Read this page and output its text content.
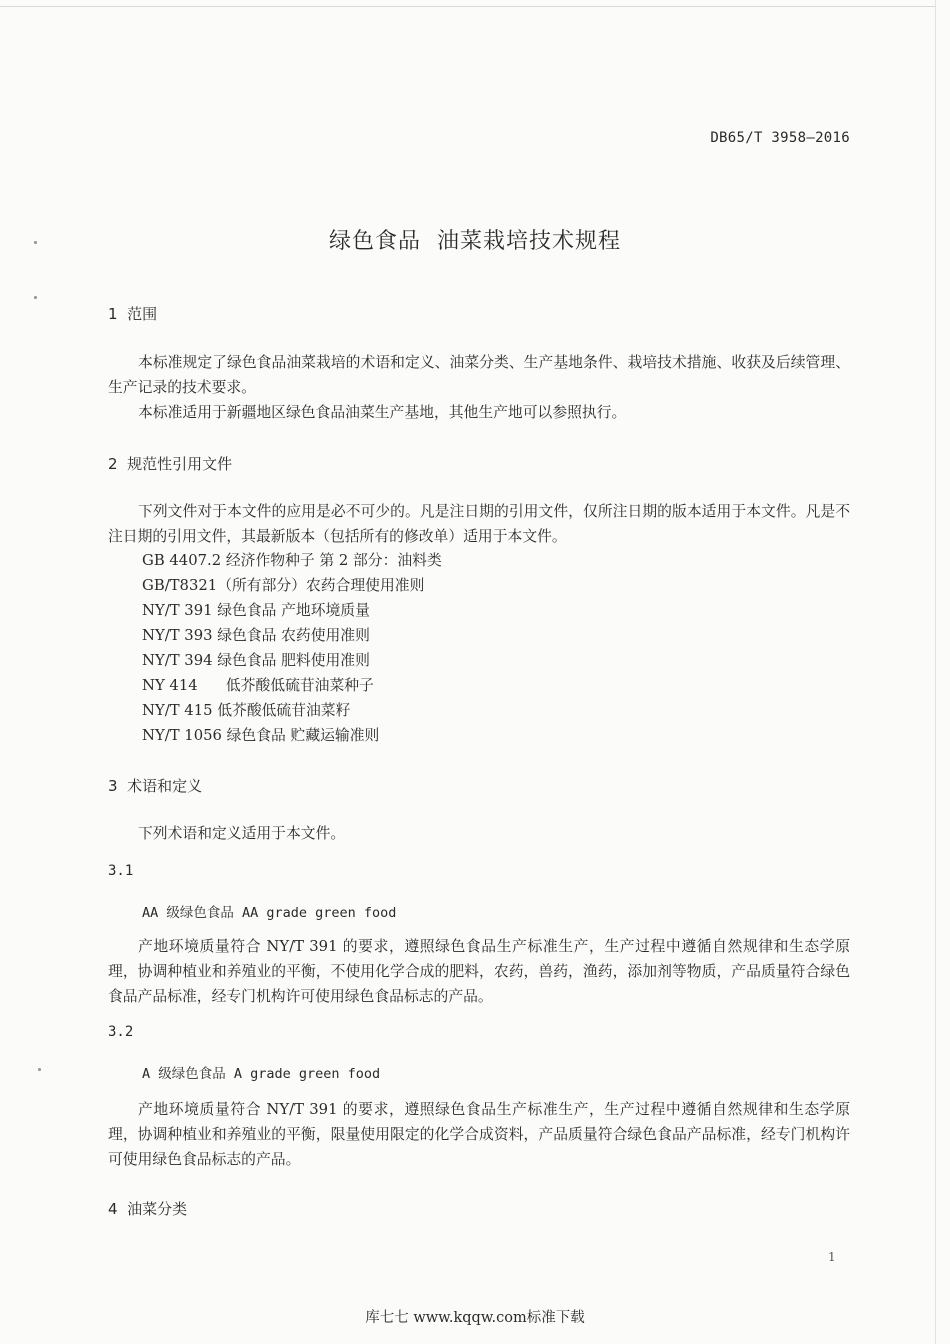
DB65/T 3958—2016
绿色食品  油菜栽培技术规程
1  范围
本标准规定了绿色食品油菜栽培的术语和定义、油菜分类、生产基地条件、栽培技术措施、收获及后续管理、生产记录的技术要求。
本标准适用于新疆地区绿色食品油菜生产基地，其他生产地可以参照执行。
2  规范性引用文件
下列文件对于本文件的应用是必不可少的。凡是注日期的引用文件，仅所注日期的版本适用于本文件。凡是不注日期的引用文件，其最新版本（包括所有的修改单）适用于本文件。
GB 4407.2 经济作物种子 第 2 部分：油料类
GB/T8321（所有部分）农药合理使用准则
NY/T 391 绿色食品 产地环境质量
NY/T 393 绿色食品 农药使用准则
NY/T 394 绿色食品 肥料使用准则
NY 414      低芥酸低硫苷油菜种子
NY/T 415 低芥酸低硫苷油菜籽
NY/T 1056 绿色食品 贮藏运输准则
3  术语和定义
下列术语和定义适用于本文件。
3.1
AA 级绿色食品 AA grade green food
产地环境质量符合 NY/T 391 的要求，遵照绿色食品生产标准生产，生产过程中遵循自然规律和生态学原理，协调种植业和养殖业的平衡，不使用化学合成的肥料，农药，兽药，渔药，添加剂等物质，产品质量符合绿色食品产品标准，经专门机构许可使用绿色食品标志的产品。
3.2
A 级绿色食品 A grade green food
产地环境质量符合 NY/T 391 的要求，遵照绿色食品生产标准生产，生产过程中遵循自然规律和生态学原理，协调种植业和养殖业的平衡，限量使用限定的化学合成资料，产品质量符合绿色食品产品标准，经专门机构许可使用绿色食品标志的产品。
4  油菜分类
1
库七七 www.kqqw.com标准下载
